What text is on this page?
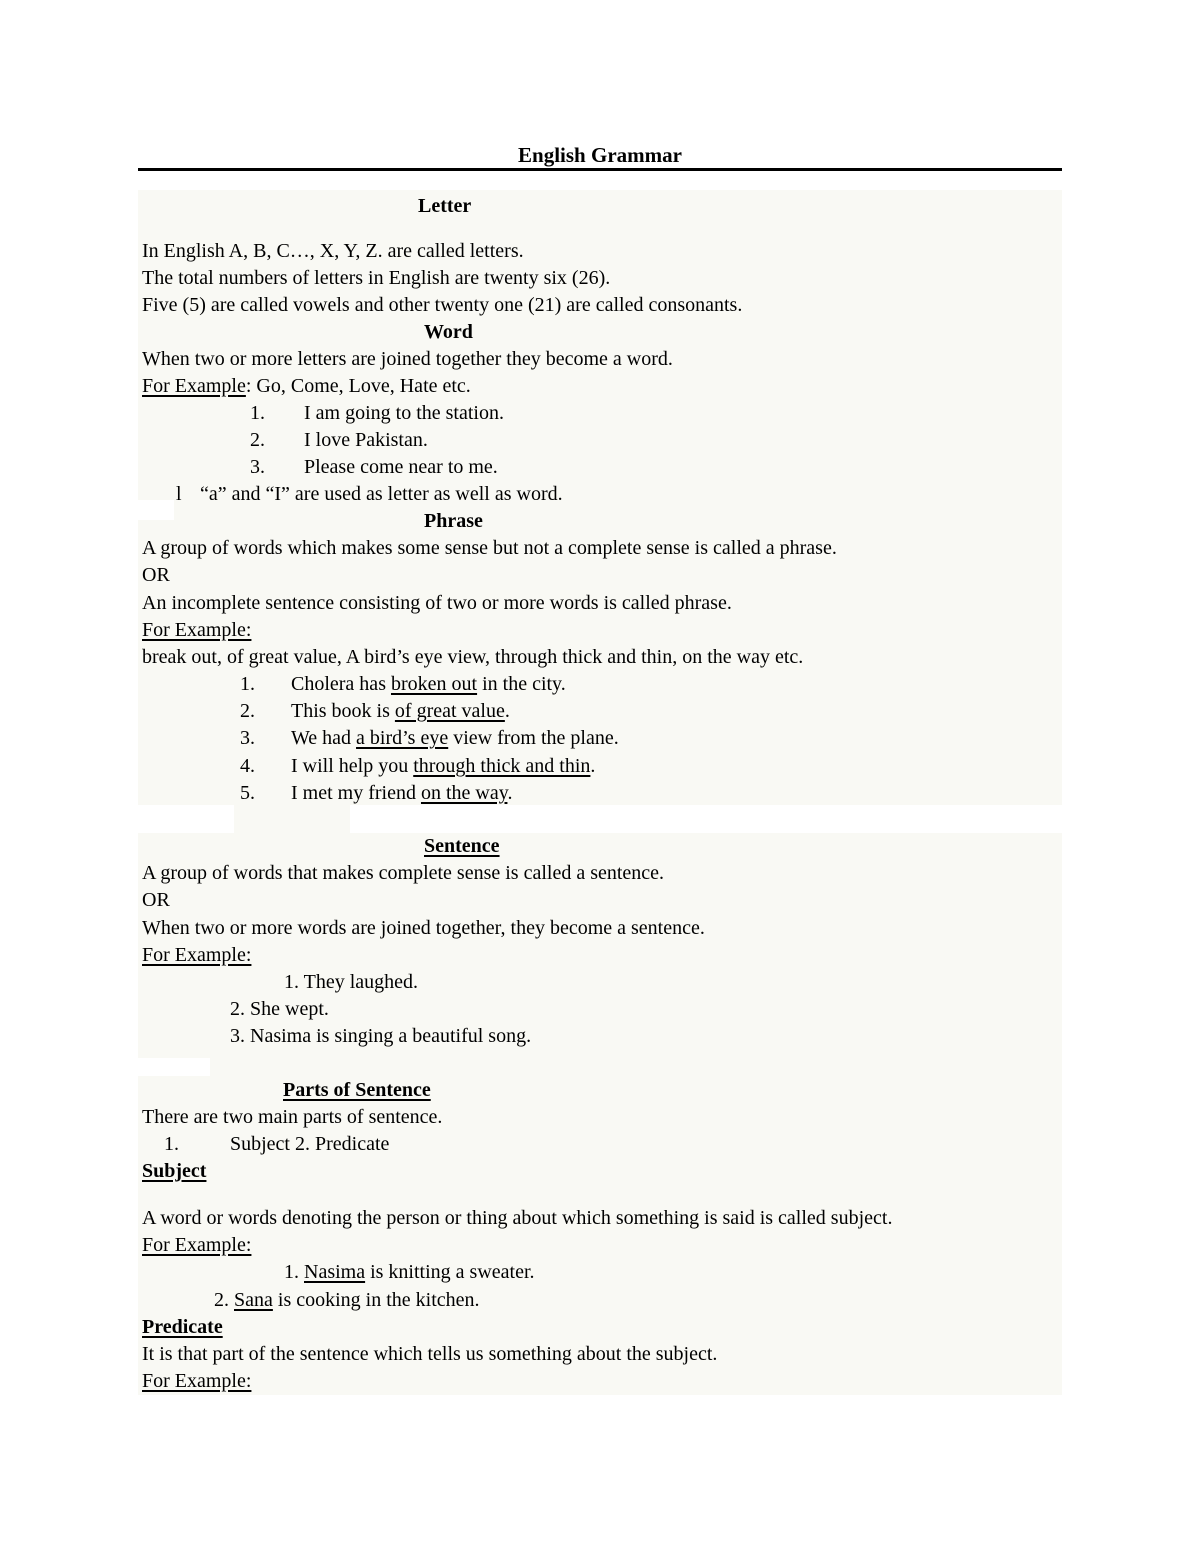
English Grammar
Letter
In English A, B, C…, X, Y, Z. are called letters.
The total numbers of letters in English are twenty six (26).
Five (5) are called vowels and other twenty one (21) are called consonants.
Word
When two or more letters are joined together they become a word.
For Example: Go, Come, Love, Hate etc.
1. I am going to the station.
2. I love Pakistan.
3. Please come near to me.
l “a” and “I” are used as letter as well as word.
Phrase
A group of words which makes some sense but not a complete sense is called a phrase.
OR
An incomplete sentence consisting of two or more words is called phrase.
For Example:
break out, of great value, A bird’s eye view, through thick and thin, on the way etc.
1. Cholera has broken out in the city.
2. This book is of great value.
3. We had a bird’s eye view from the plane.
4. I will help you through thick and thin.
5. I met my friend on the way.
Sentence
A group of words that makes complete sense is called a sentence.
OR
When two or more words are joined together, they become a sentence.
For Example:
1. They laughed.
2. She wept.
3. Nasima is singing a beautiful song.
Parts of Sentence
There are two main parts of sentence.
1.	Subject 2. Predicate
Subject
A word or words denoting the person or thing about which something is said is called subject.
For Example:
1. Nasima is knitting a sweater.
2. Sana is cooking in the kitchen.
Predicate
It is that part of the sentence which tells us something about the subject.
For Example:
